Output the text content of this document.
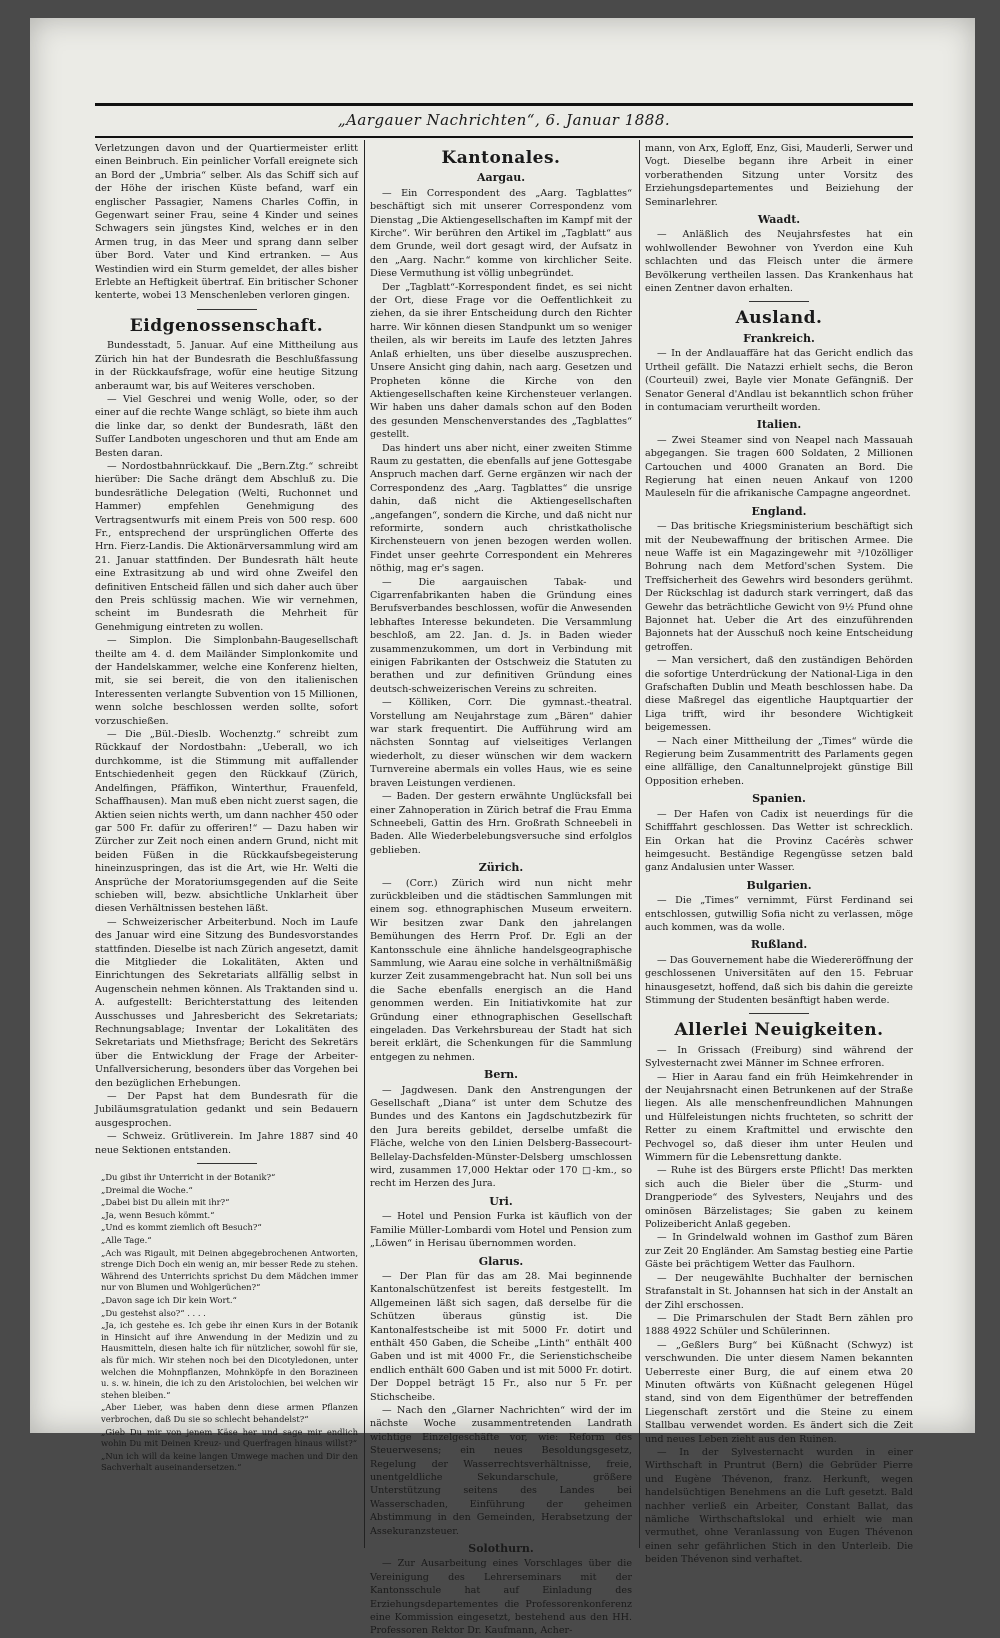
„Aargauer Nachrichten“, 6. Januar 1888.

Verletzungen davon und der Quartiermeister erlitt einen Beinbruch. Ein peinlicher Vorfall ereignete sich an Bord der „Umbria“ selber. Als das Schiff sich auf der Höhe der irischen Küste befand, warf ein englischer Passagier, Namens Charles Coffin, in Gegenwart seiner Frau, seine 4 Kinder und seines Schwagers sein jüngstes Kind, welches er in den Armen trug, in das Meer und sprang dann selber über Bord. Vater und Kind ertranken. — Aus Westindien wird ein Sturm gemeldet, der alles bisher Erlebte an Heftigkeit übertraf. Ein britischer Schoner kenterte, wobei 13 Menschenleben verloren gingen.

Eidgenossenschaft.

Bundesstadt, 5. Januar. Auf eine Mittheilung aus Zürich hin hat der Bundesrath die Beschlußfassung in der Rückkaufsfrage, wofür eine heutige Sitzung anberaumt war, bis auf Weiteres verschoben.

— Viel Geschrei und wenig Wolle, oder, so der einer auf die rechte Wange schlägt, so biete ihm auch die linke dar, so denkt der Bundesrath, läßt den Suſſer Landboten ungeschoren und thut am Ende am Besten daran.

— Nordostbahnrückkauf. Die „Bern.Ztg.“ schreibt hierüber: Die Sache drängt dem Abschluß zu. Die bundesrätliche Delegation (Welti, Ruchonnet und Hammer) empfehlen Genehmigung des Vertragsentwurfs mit einem Preis von 500 resp. 600 Fr., entsprechend der ursprünglichen Offerte des Hrn. Fierz-Landis. Die Aktionärversammlung wird am 21. Januar stattfinden. Der Bundesrath hält heute eine Extrasitzung ab und wird ohne Zweifel den definitiven Entscheid fällen und sich daher auch über den Preis schlüssig machen. Wie wir vernehmen, scheint im Bundesrath die Mehrheit für Genehmigung eintreten zu wollen.

— Simplon. Die Simplonbahn-Baugesellschaft theilte am 4. d. dem Mailänder Simplonkomite und der Handelskammer, welche eine Konferenz hielten, mit, sie sei bereit, die von den italienischen Interessenten verlangte Subvention von 15 Millionen, wenn solche beschlossen werden sollte, sofort vorzuschießen.

— Die „Bül.-Dieslb. Wochenztg.“ schreibt zum Rückkauf der Nordostbahn: „Ueberall, wo ich durchkomme, ist die Stimmung mit auffallender Entschiedenheit gegen den Rückkauf (Zürich, Andelfingen, Pfäffikon, Winterthur, Frauenfeld, Schaffhausen). Man muß eben nicht zuerst sagen, die Aktien seien nichts werth, um dann nachher 450 oder gar 500 Fr. dafür zu offeriren!“ — Dazu haben wir Zürcher zur Zeit noch einen andern Grund, nicht mit beiden Füßen in die Rückkaufsbegeisterung hineinzuspringen, das ist die Art, wie Hr. Welti die Ansprüche der Moratoriumsgegenden auf die Seite schieben will, bezw. absichtliche Unklarheit über diesen Verhältnissen bestehen läßt.

— Schweizerischer Arbeiterbund. Noch im Laufe des Januar wird eine Sitzung des Bundesvorstandes stattfinden. Dieselbe ist nach Zürich angesetzt, damit die Mitglieder die Lokalitäten, Akten und Einrichtungen des Sekretariats allfällig selbst in Augenschein nehmen können. Als Traktanden sind u. A. aufgestellt: Berichterstattung des leitenden Ausschusses und Jahresbericht des Sekretariats; Rechnungsablage; Inventar der Lokalitäten des Sekretariats und Miethsfrage; Bericht des Sekretärs über die Entwicklung der Frage der Arbeiter-Unfallversicherung, besonders über das Vorgehen bei den bezüglichen Erhebungen.

— Der Papst hat dem Bundesrath für die Jubiläumsgratulation gedankt und sein Bedauern ausgesprochen.

— Schweiz. Grütliverein. Im Jahre 1887 sind 40 neue Sektionen entstanden.

„Du gibst ihr Unterricht in der Botanik?“

„Dreimal die Woche.“

„Dabei bist Du allein mit ihr?“

„Ja, wenn Besuch kömmt.“

„Und es kommt ziemlich oft Besuch?“

„Alle Tage.“

„Ach was Rigault, mit Deinen abgegebrochenen Antworten, strenge Dich Doch ein wenig an, mir besser Rede zu stehen. Während des Unterrichts sprichst Du dem Mädchen immer nur von Blumen und Wohlgerüchen?“

„Davon sage ich Dir kein Wort.“

„Du gestehst also?“ . . . .

„Ja, ich gestehe es. Ich gebe ihr einen Kurs in der Botanik in Hinsicht auf ihre Anwendung in der Medizin und zu Hausmitteln, diesen halte ich für nützlicher, sowohl für sie, als für mich. Wir stehen noch bei den Dicotyledonen, unter welchen die Mohnpflanzen, Mohnköpfe in den Borazineen u. s. w. hinein, die ich zu den Aristolochien, bei welchen wir stehen bleiben.“

„Aber Lieber, was haben denn diese armen Pflanzen verbrochen, daß Du sie so schlecht behandelst?“

„Gieb Du mir von jenem Käse her und sage mir endlich wohin Du mit Deinen Kreuz- und Querfragen hinaus willst?“

„Nun ich will da keine langen Umwege machen und Dir den Sachverhalt auseinandersetzen.“

Kantonales.
Aargau.

— Ein Correspondent des „Aarg. Tagblattes“ beschäftigt sich mit unserer Correspondenz vom Dienstag „Die Aktiengesellschaften im Kampf mit der Kirche“. Wir berühren den Artikel im „Tagblatt“ aus dem Grunde, weil dort gesagt wird, der Aufsatz in den „Aarg. Nachr.“ komme von kirchlicher Seite. Diese Vermuthung ist völlig unbegründet.

Der „Tagblatt“-Korrespondent findet, es sei nicht der Ort, diese Frage vor die Oeffentlichkeit zu ziehen, da sie ihrer Entscheidung durch den Richter harre. Wir können diesen Standpunkt um so weniger theilen, als wir bereits im Laufe des letzten Jahres Anlaß erhielten, uns über dieselbe auszusprechen. Unsere Ansicht ging dahin, nach aarg. Gesetzen und Propheten könne die Kirche von den Aktiengesellschaften keine Kirchensteuer verlangen. Wir haben uns daher damals schon auf den Boden des gesunden Menschenverstandes des „Tagblattes“ gestellt.

Das hindert uns aber nicht, einer zweiten Stimme Raum zu gestatten, die ebenfalls auf jene Gottesgabe Anspruch machen darf. Gerne ergänzen wir nach der Correspondenz des „Aarg. Tagblattes“ die unsrige dahin, daß nicht die Aktiengesellschaften „angefangen“, sondern die Kirche, und daß nicht nur reformirte, sondern auch christkatholische Kirchensteuern von jenen bezogen werden wollen. Findet unser geehrte Correspondent ein Mehreres nöthig, mag er's sagen.

— Die aargauischen Tabak- und Cigarrenfabrikanten haben die Gründung eines Berufsverbandes beschlossen, wofür die Anwesenden lebhaftes Interesse bekundeten. Die Versammlung beschloß, am 22. Jan. d. Js. in Baden wieder zusammenzukommen, um dort in Verbindung mit einigen Fabrikanten der Ostschweiz die Statuten zu berathen und zur definitiven Gründung eines deutsch-schweizerischen Vereins zu schreiten.

— Kölliken, Corr. Die gymnast.-theatral. Vorstellung am Neujahrstage zum „Bären“ dahier war stark frequentirt. Die Aufführung wird am nächsten Sonntag auf vielseitiges Verlangen wiederholt, zu dieser wünschen wir dem wackern Turnvereine abermals ein volles Haus, wie es seine braven Leistungen verdienen.

— Baden. Der gestern erwähnte Unglücksfall bei einer Zahnoperation in Zürich betraf die Frau Emma Schneebeli, Gattin des Hrn. Großrath Schneebeli in Baden. Alle Wiederbelebungsversuche sind erfolglos geblieben.

Zürich.

— (Corr.) Zürich wird nun nicht mehr zurückbleiben und die städtischen Sammlungen mit einem sog. ethnographischen Museum erweitern. Wir besitzen zwar Dank den jahrelangen Bemühungen des Herrn Prof. Dr. Egli an der Kantonsschule eine ähnliche handelsgeographische Sammlung, wie Aarau eine solche in verhältnißmäßig kurzer Zeit zusammengebracht hat. Nun soll bei uns die Sache ebenfalls energisch an die Hand genommen werden. Ein Initiativkomite hat zur Gründung einer ethnographischen Gesellschaft eingeladen. Das Verkehrsbureau der Stadt hat sich bereit erklärt, die Schenkungen für die Sammlung entgegen zu nehmen.

Bern.

— Jagdwesen. Dank den Anstrengungen der Gesellschaft „Diana“ ist unter dem Schutze des Bundes und des Kantons ein Jagdschutzbezirk für den Jura bereits gebildet, derselbe umfaßt die Fläche, welche von den Linien Delsberg-Bassecourt-Bellelay-Dachsfelden-Münster-Delsberg umschlossen wird, zusammen 17,000 Hektar oder 170 □-km., so recht im Herzen des Jura.

Uri.

— Hotel und Pension Furka ist käuflich von der Familie Müller-Lombardi vom Hotel und Pension zum „Löwen“ in Herisau übernommen worden.

Glarus.

— Der Plan für das am 28. Mai beginnende Kantonalschützenfest ist bereits festgestellt. Im Allgemeinen läßt sich sagen, daß derselbe für die Schützen überaus günstig ist. Die Kantonalfestscheibe ist mit 5000 Fr. dotirt und enthält 450 Gaben, die Scheibe „Linth“ enthält 400 Gaben und ist mit 4000 Fr., die Serienstichscheibe endlich enthält 600 Gaben und ist mit 5000 Fr. dotirt. Der Doppel beträgt 15 Fr., also nur 5 Fr. per Stichscheibe.

— Nach den „Glarner Nachrichten“ wird der im nächste Woche zusammentretenden Landrath wichtige Einzelgeschäfte vor, wie: Reform des Steuerwesens; ein neues Besoldungsgesetz, Regelung der Wasserrechtsverhältnisse, freie, unentgeldliche Sekundarschule, größere Unterstützung seitens des Landes bei Wasserschaden, Einführung der geheimen Abstimmung in den Gemeinden, Herabsetzung der Assekuranzsteuer.

Solothurn.

— Zur Ausarbeitung eines Vorschlages über die Vereinigung des Lehrerseminars mit der Kantonsschule hat auf Einladung des Erziehungsdepartementes die Professorenkonferenz eine Kommission eingesetzt, bestehend aus den HH. Professoren Rektor Dr. Kaufmann, Acher-

mann, von Arx, Egloff, Enz, Gisi, Mauderli, Serwer und Vogt. Dieselbe begann ihre Arbeit in einer vorberathenden Sitzung unter Vorsitz des Erziehungsdepartementes und Beiziehung der Seminarlehrer.

Waadt.

— Anläßlich des Neujahrsfestes hat ein wohlwollender Bewohner von Yverdon eine Kuh schlachten und das Fleisch unter die ärmere Bevölkerung vertheilen lassen. Das Krankenhaus hat einen Zentner davon erhalten.

Ausland.
Frankreich.

— In der Andlauaffäre hat das Gericht endlich das Urtheil gefällt. Die Natazzi erhielt sechs, die Beron (Courteuil) zwei, Bayle vier Monate Gefängniß. Der Senator General d'Andlau ist bekanntlich schon früher in contumaciam verurtheilt worden.

Italien.

— Zwei Steamer sind von Neapel nach Massauah abgegangen. Sie tragen 600 Soldaten, 2 Millionen Cartouchen und 4000 Granaten an Bord. Die Regierung hat einen neuen Ankauf von 1200 Mauleseln für die afrikanische Campagne angeordnet.

England.

— Das britische Kriegsministerium beschäftigt sich mit der Neubewaffnung der britischen Armee. Die neue Waffe ist ein Magazingewehr mit ³/10zölliger Bohrung nach dem Metford'schen System. Die Treffsicherheit des Gewehrs wird besonders gerühmt. Der Rückschlag ist dadurch stark verringert, daß das Gewehr das beträchtliche Gewicht von 9½ Pfund ohne Bajonnet hat. Ueber die Art des einzuführenden Bajonnets hat der Ausschuß noch keine Entscheidung getroffen.

— Man versichert, daß den zuständigen Behörden die sofortige Unterdrückung der National-Liga in den Grafschaften Dublin und Meath beschlossen habe. Da diese Maßregel das eigentliche Hauptquartier der Liga trifft, wird ihr besondere Wichtigkeit beigemessen.

— Nach einer Mittheilung der „Times“ würde die Regierung beim Zusammentritt des Parlaments gegen eine allfällige, den Canaltunnelprojekt günstige Bill Opposition erheben.

Spanien.

— Der Hafen von Cadix ist neuerdings für die Schifffahrt geschlossen. Das Wetter ist schrecklich. Ein Orkan hat die Provinz Cacérès schwer heimgesucht. Beständige Regengüsse setzen bald ganz Andalusien unter Wasser.

Bulgarien.

— Die „Times“ vernimmt, Fürst Ferdinand sei entschlossen, gutwillig Sofia nicht zu verlassen, möge auch kommen, was da wolle.

Rußland.

— Das Gouvernement habe die Wiedereröffnung der geschlossenen Universitäten auf den 15. Februar hinausgesetzt, hoffend, daß sich bis dahin die gereizte Stimmung der Studenten besänftigt haben werde.

Allerlei Neuigkeiten.

— In Grissach (Freiburg) sind während der Sylvesternacht zwei Männer im Schnee erfroren.

— Hier in Aarau fand ein früh Heimkehrender in der Neujahrsnacht einen Betrunkenen auf der Straße liegen. Als alle menschenfreundlichen Mahnungen und Hülfeleistungen nichts fruchteten, so schritt der Retter zu einem Kraftmittel und erwischte den Pechvogel so, daß dieser ihm unter Heulen und Wimmern für die Lebensrettung dankte.

— Ruhe ist des Bürgers erste Pflicht! Das merkten sich auch die Bieler über die „Sturm- und Drangperiode“ des Sylvesters, Neujahrs und des ominösen Bärzelistages; Sie gaben zu keinem Polizeibericht Anlaß gegeben.

— In Grindelwald wohnen im Gasthof zum Bären zur Zeit 20 Engländer. Am Samstag bestieg eine Partie Gäste bei prächtigem Wetter das Faulhorn.

— Der neugewählte Buchhalter der bernischen Strafanstalt in St. Johannsen hat sich in der Anstalt an der Zihl erschossen.

— Die Primarschulen der Stadt Bern zählen pro 1888 4922 Schüler und Schülerinnen.

— „Geßlers Burg“ bei Küßnacht (Schwyz) ist verschwunden. Die unter diesem Namen bekannten Ueberreste einer Burg, die auf einem etwa 20 Minuten oftwärts von Küßnacht gelegenen Hügel stand, sind von dem Eigenthümer der betreffenden Liegenschaft zerstört und die Steine zu einem Stallbau verwendet worden. Es ändert sich die Zeit und neues Leben zieht aus den Ruinen.

— In der Sylvesternacht wurden in einer Wirthschaft in Pruntrut (Bern) die Gebrüder Pierre und Eugène Thévenon, franz. Herkunft, wegen handelsüchtigen Benehmens an die Luft gesetzt. Bald nachher verließ ein Arbeiter, Constant Ballat, das nämliche Wirthschaftslokal und erhielt wie man vermuthet, ohne Veranlassung von Eugen Thévenon einen sehr gefährlichen Stich in den Unterleib. Die beiden Thévenon sind verhaftet.
